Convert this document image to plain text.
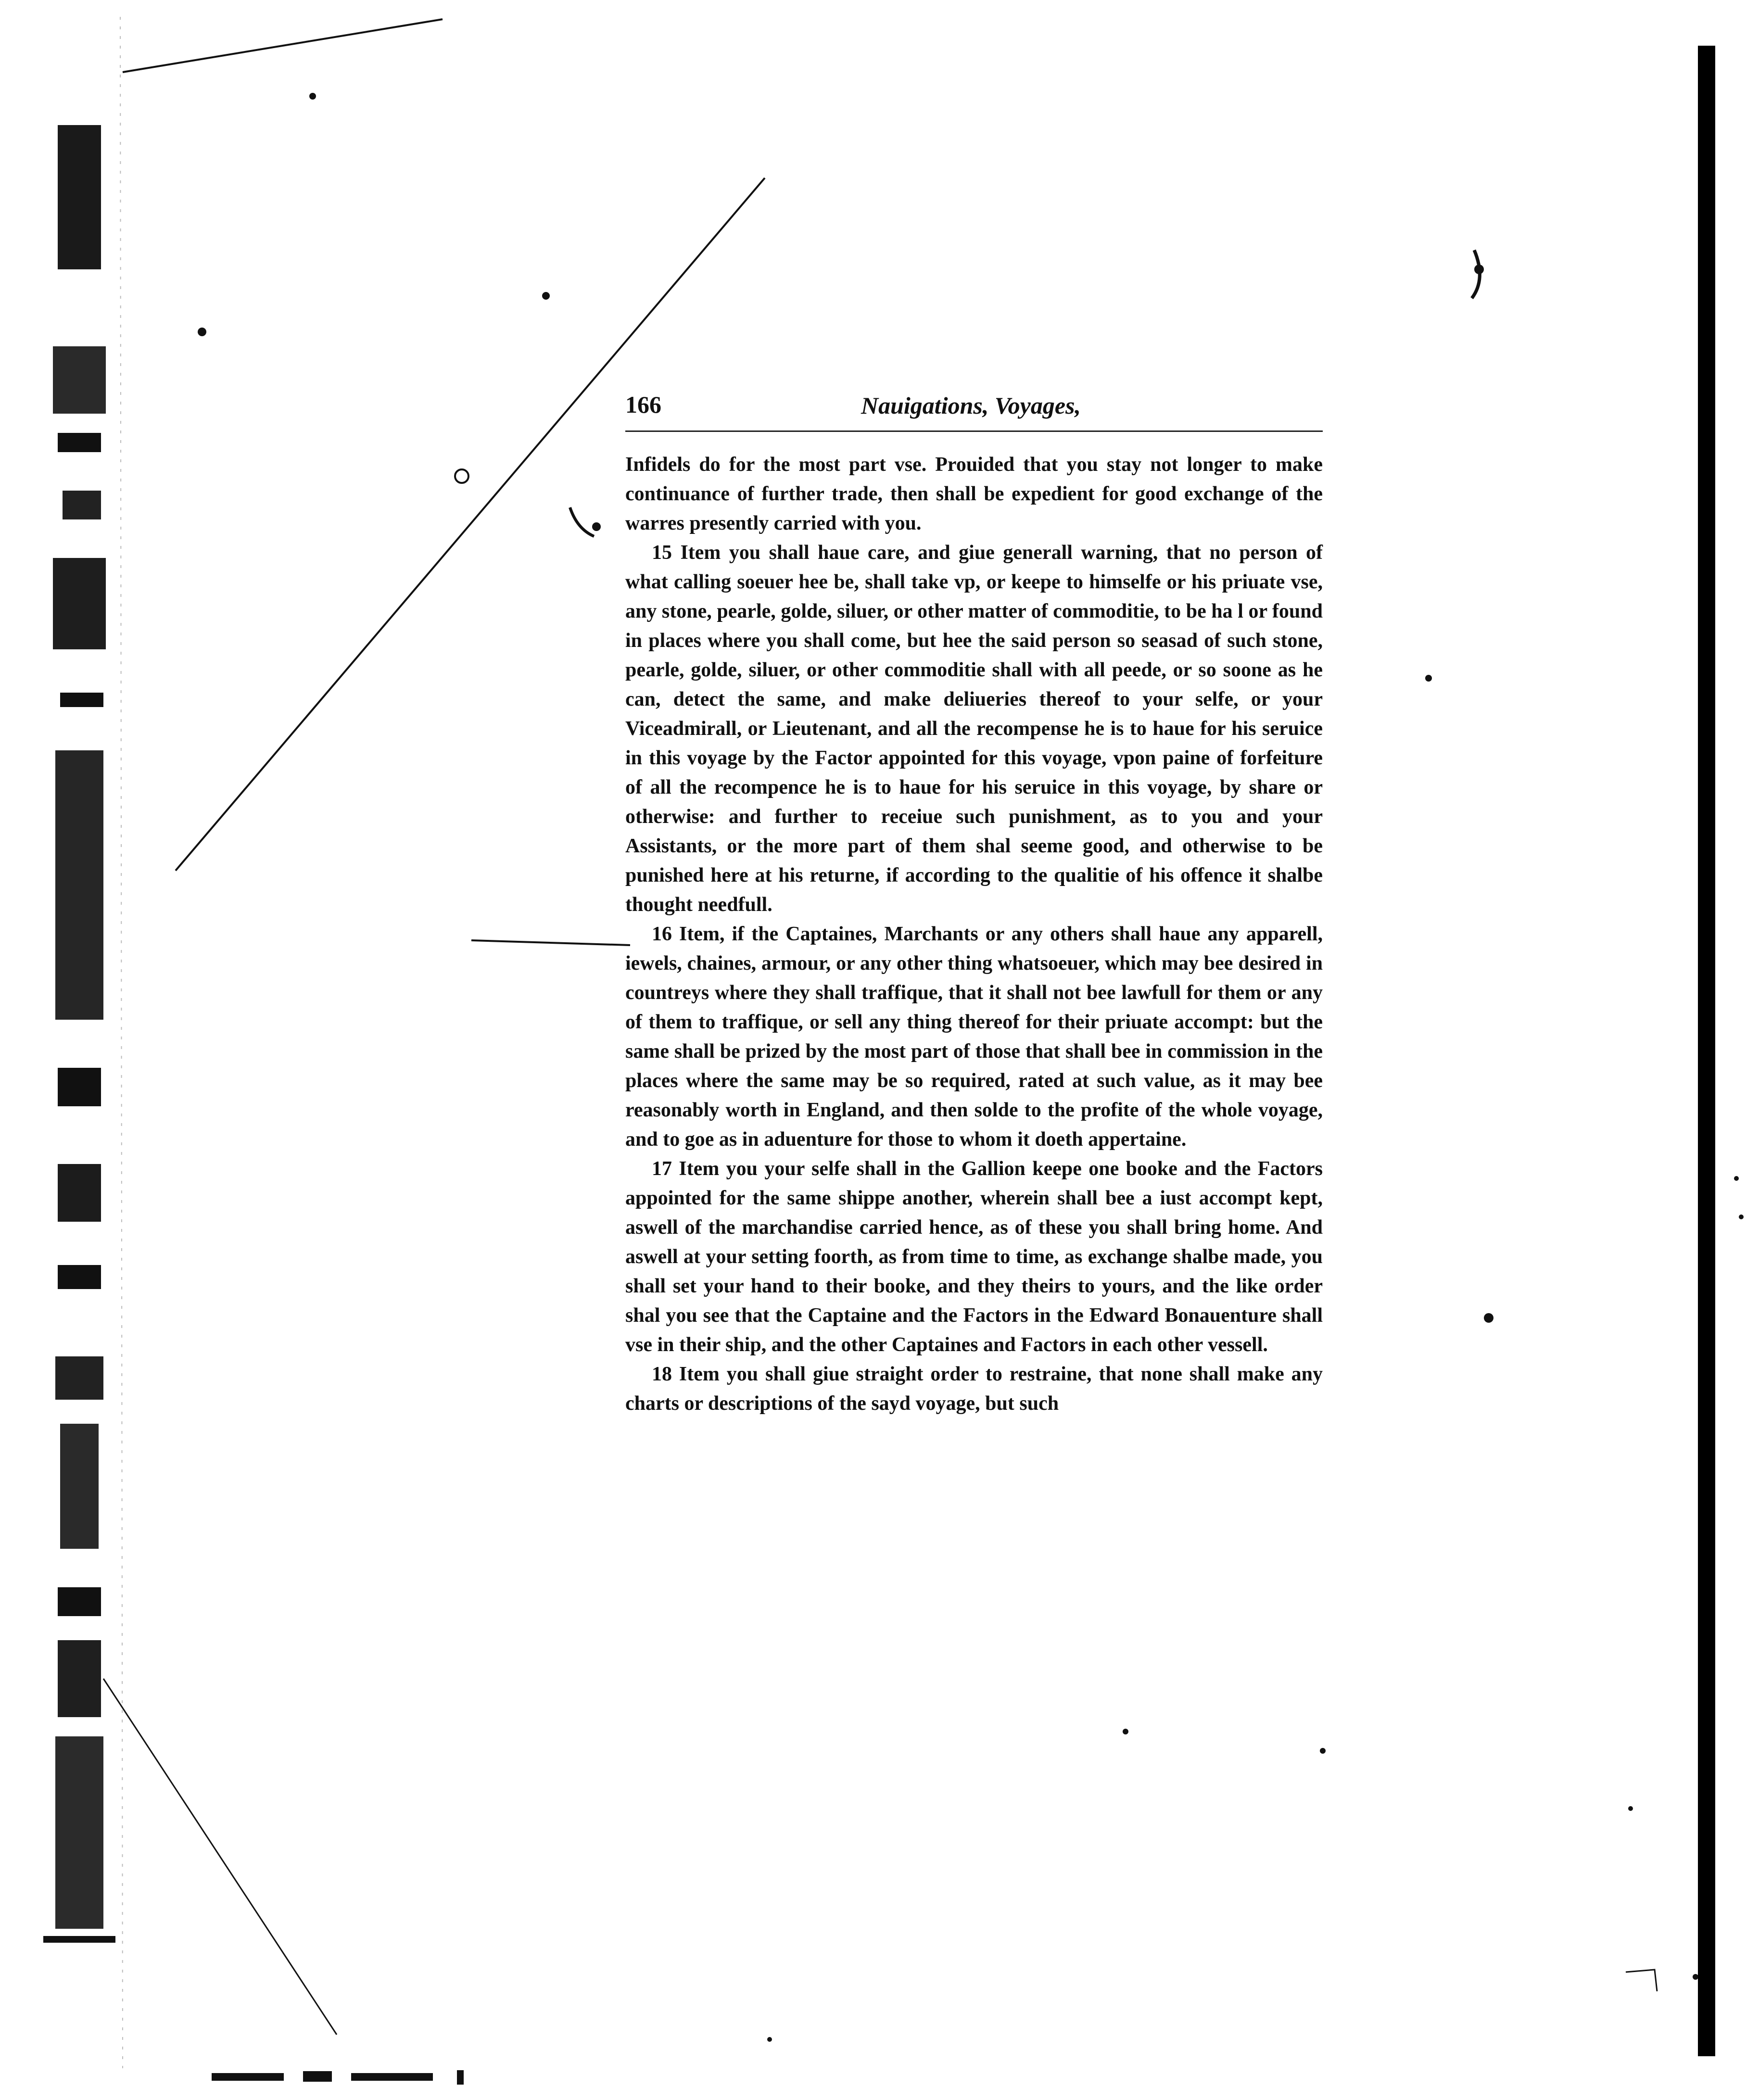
166	Nauigations, Voyages,

Infidels do for the most part vse. Prouided that you stay not longer to make continuance of further trade, then shall be expedient for good exchange of the warres presently carried with you.

15 Item you shall haue care, and giue generall warning, that no person of what calling soeuer hee be, shall take vp, or keepe to himselfe or his priuate vse, any stone, pearle, golde, siluer, or other matter of commoditie, to be ha l or found in places where you shall come, but hee the said person so seasad of such stone, pearle, golde, siluer, or other commoditie shall with all peede, or so soone as he can, detect the same, and make deliueries thereof to your selfe, or your Viceadmirall, or Lieutenant, and all the recompense he is to haue for his seruice in this voyage by the Factor appointed for this voyage, vpon paine of forfeiture of all the recompence he is to haue for his seruice in this voyage, by share or otherwise: and further to receiue such punishment, as to you and your Assistants, or the more part of them shal seeme good, and otherwise to be punished here at his returne, if according to the qualitie of his offence it shalbe thought needfull.

16 Item, if the Captaines, Marchants or any others shall haue any apparell, iewels, chaines, armour, or any other thing whatsoeuer, which may bee desired in countreys where they shall traffique, that it shall not bee lawfull for them or any of them to traffique, or sell any thing thereof for their priuate accompt: but the same shall be prized by the most part of those that shall bee in commission in the places where the same may be so required, rated at such value, as it may bee reasonably worth in England, and then solde to the profite of the whole voyage, and to goe as in aduenture for those to whom it doeth appertaine.

17 Item you your selfe shall in the Gallion keepe one booke and the Factors appointed for the same shippe another, wherein shall bee a iust accompt kept, aswell of the marchandise carried hence, as of these you shall bring home. And aswell at your setting foorth, as from time to time, as exchange shalbe made, you shall set your hand to their booke, and they theirs to yours, and the like order shal you see that the Captaine and the Factors in the Edward Bonauenture shall vse in their ship, and the other Captaines and Factors in each other vessell.

18 Item you shall giue straight order to restraine, that none shall make any charts or descriptions of the sayd voyage, but such
